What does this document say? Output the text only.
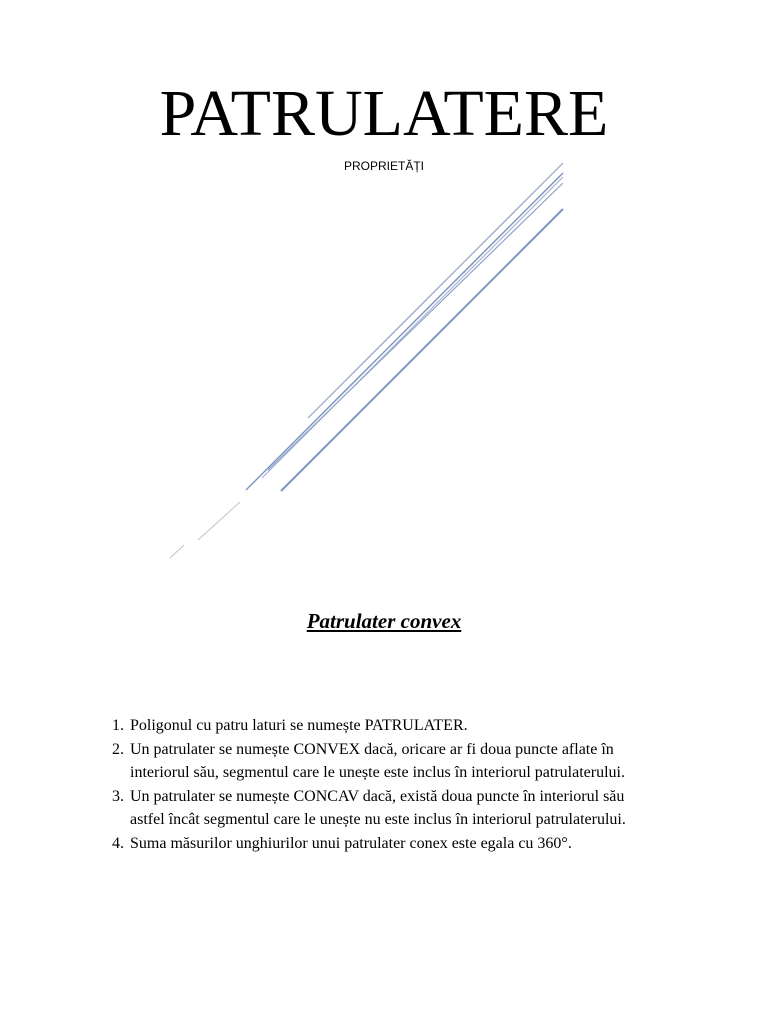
PATRULATERE
PROPRIETĂȚI
Patrulater convex
1. Poligonul cu patru laturi se numește PATRULATER.
2. Un patrulater se numește CONVEX dacă, oricare ar fi doua puncte aflate în
interiorul său, segmentul care le unește este inclus în interiorul patrulaterului.
3. Un patrulater se numește CONCAV dacă, există doua puncte în interiorul său
astfel încât segmentul care le unește nu este inclus în interiorul patrulaterului.
4. Suma măsurilor unghiurilor unui patrulater conex este egala cu 360°.
